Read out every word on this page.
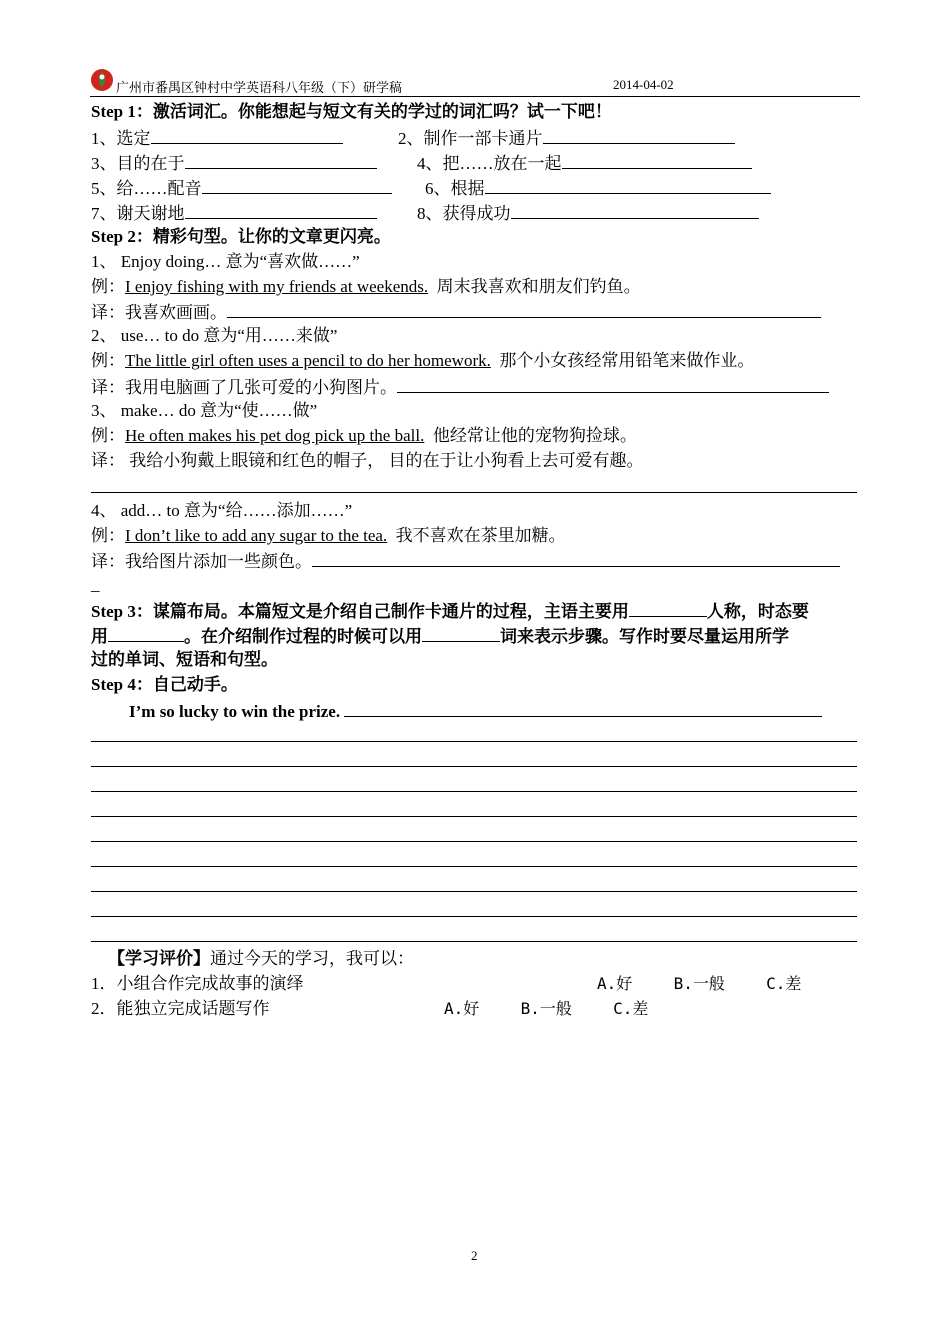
广州市番禺区钟村中学英语科八年级（下）研学稿	2014-04-02
Step 1：激活词汇。你能想起与短文有关的学过的词汇吗？试一下吧！
1、选定	2、制作一部卡通片
3、目的在于	4、把……放在一起
5、给……配音	6、根据
7、谢天谢地	8、获得成功
Step 2：精彩句型。让你的文章更闪亮。
1、 Enjoy doing… 意为“喜欢做……”
例：I enjoy fishing with my friends at weekends. 周末我喜欢和朋友们钓鱼。
译：我喜欢画画。
2、 use… to do 意为“用……来做”
例：The little girl often uses a pencil to do her homework. 那个小女孩经常用铅笔来做作业。
译：我用电脑画了几张可爱的小狗图片。
3、 make… do 意为“使……做”
例：He often makes his pet dog pick up the ball. 他经常让他的宠物狗捡球。
译： 我给小狗戴上眼镜和红色的帽子， 目的在于让小狗看上去可爱有趣。
4、 add… to 意为“给……添加……”
例：I don’t like to add any sugar to the tea. 我不喜欢在茶里加糖。
译：我给图片添加一些颜色。
_
Step 3：谋篇布局。本篇短文是介绍自己制作卡通片的过程，主语主要用	人称，时态要
用	。在介绍制作过程的时候可以用	词来表示步骤。写作时要尽量运用所学
过的单词、短语和句型。
Step 4：自己动手。
I’m so lucky to win the prize.
【学习评价】通过今天的学习，我可以：
1．小组合作完成故事的演绎	A.好	B.一般	C.差
2．能独立完成话题写作	A.好	B.一般	C.差
2
